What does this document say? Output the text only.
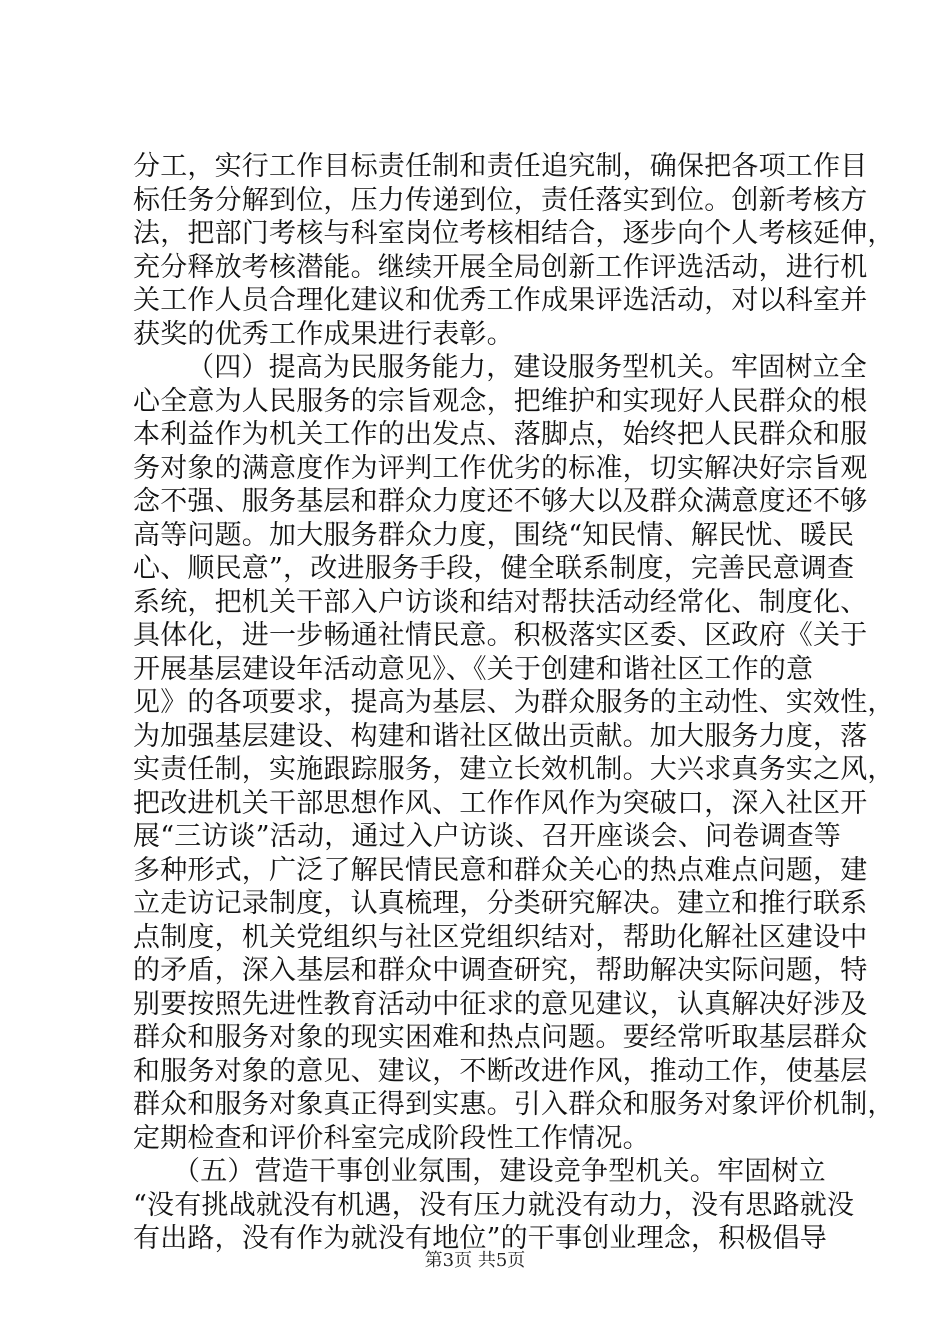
分工，实行工作目标责任制和责任追究制，确保把各项工作目
标任务分解到位，压力传递到位，责任落实到位。创新考核方
法，把部门考核与科室岗位考核相结合，逐步向个人考核延伸，
充分释放考核潜能。继续开展全局创新工作评选活动，进行机
关工作人员合理化建议和优秀工作成果评选活动，对以科室并
获奖的优秀工作成果进行表彰。
（四）提高为民服务能力，建设服务型机关。牢固树立全
心全意为人民服务的宗旨观念，把维护和实现好人民群众的根
本利益作为机关工作的出发点、落脚点，始终把人民群众和服
务对象的满意度作为评判工作优劣的标准，切实解决好宗旨观
念不强、服务基层和群众力度还不够大以及群众满意度还不够
高等问题。加大服务群众力度，围绕“知民情、解民忧、暖民
心、顺民意”，改进服务手段，健全联系制度，完善民意调查
系统，把机关干部入户访谈和结对帮扶活动经常化、制度化、
具体化，进一步畅通社情民意。积极落实区委、区政府《关于
开展基层建设年活动意见》、《关于创建和谐社区工作的意
见》的各项要求，提高为基层、为群众服务的主动性、实效性，
为加强基层建设、构建和谐社区做出贡献。加大服务力度，落
实责任制，实施跟踪服务，建立长效机制。大兴求真务实之风，
把改进机关干部思想作风、工作作风作为突破口，深入社区开
展“三访谈”活动，通过入户访谈、召开座谈会、问卷调查等
多种形式，广泛了解民情民意和群众关心的热点难点问题，建
立走访记录制度，认真梳理，分类研究解决。建立和推行联系
点制度，机关党组织与社区党组织结对，帮助化解社区建设中
的矛盾，深入基层和群众中调查研究，帮助解决实际问题，特
别要按照先进性教育活动中征求的意见建议，认真解决好涉及
群众和服务对象的现实困难和热点问题。要经常听取基层群众
和服务对象的意见、建议，不断改进作风，推动工作，使基层
群众和服务对象真正得到实惠。引入群众和服务对象评价机制，
定期检查和评价科室完成阶段性工作情况。
（五）营造干事创业氛围，建设竞争型机关。牢固树立
“没有挑战就没有机遇，没有压力就没有动力，没有思路就没
有出路，没有作为就没有地位”的干事创业理念，积极倡导
第3页 共5页
